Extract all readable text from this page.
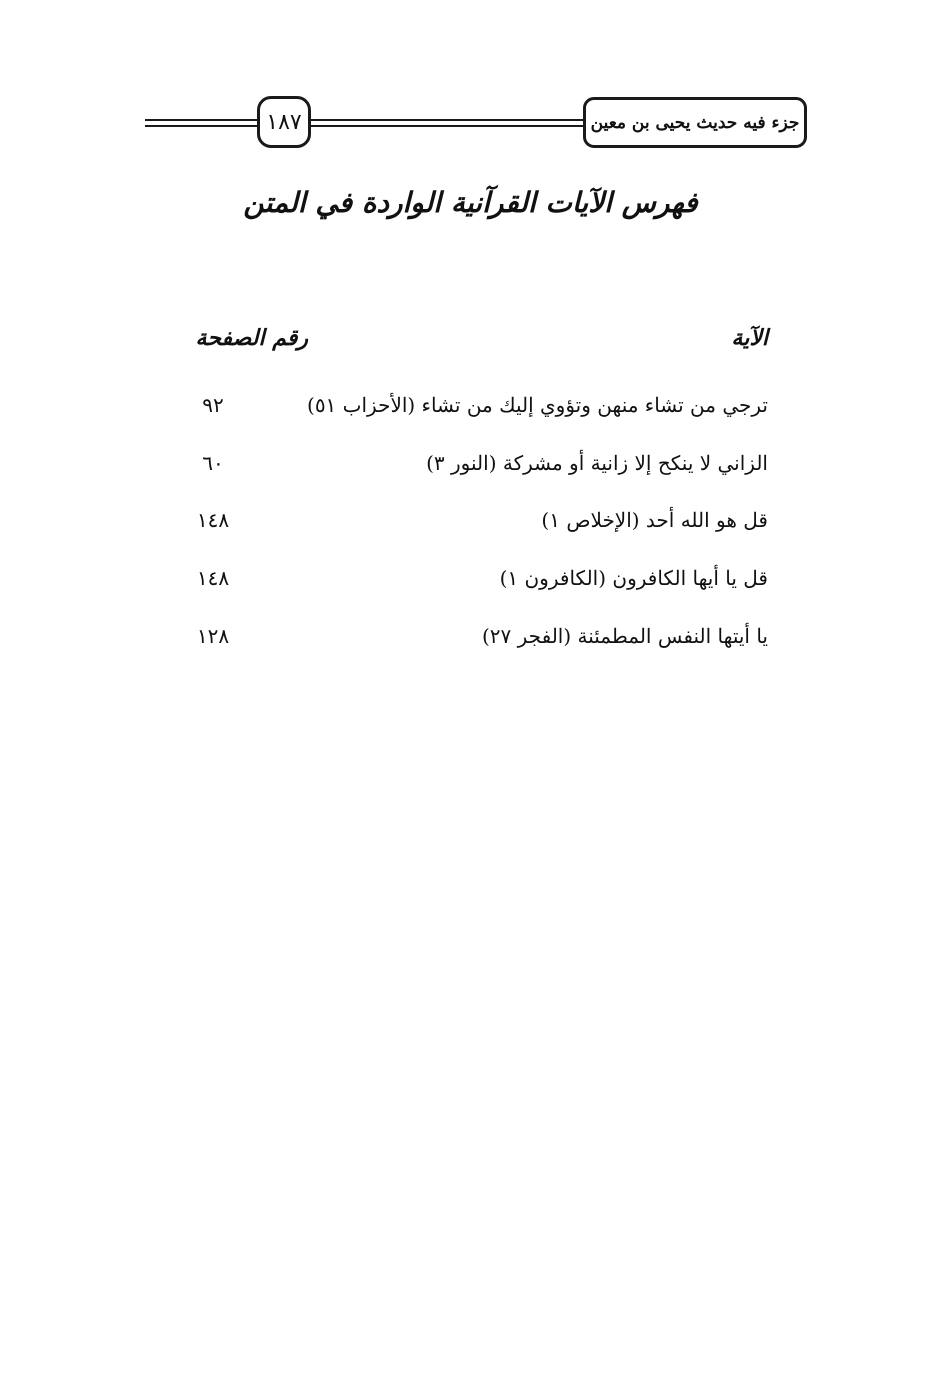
١٨٧	جزء فيه حديث يحيى بن معين
فهرس الآيات القرآنية الواردة في المتن
الآية
رقم الصفحة
ترجي من تشاء منهن وتؤوي إليك من تشاء (الأحزاب ٥١)
٩٢
الزاني لا ينكح إلا زانية أو مشركة (النور ٣)
٦٠
قل هو الله أحد (الإخلاص ١)
١٤٨
قل يا أيها الكافرون (الكافرون ١)
١٤٨
يا أيتها النفس المطمئنة (الفجر ٢٧)
١٢٨
